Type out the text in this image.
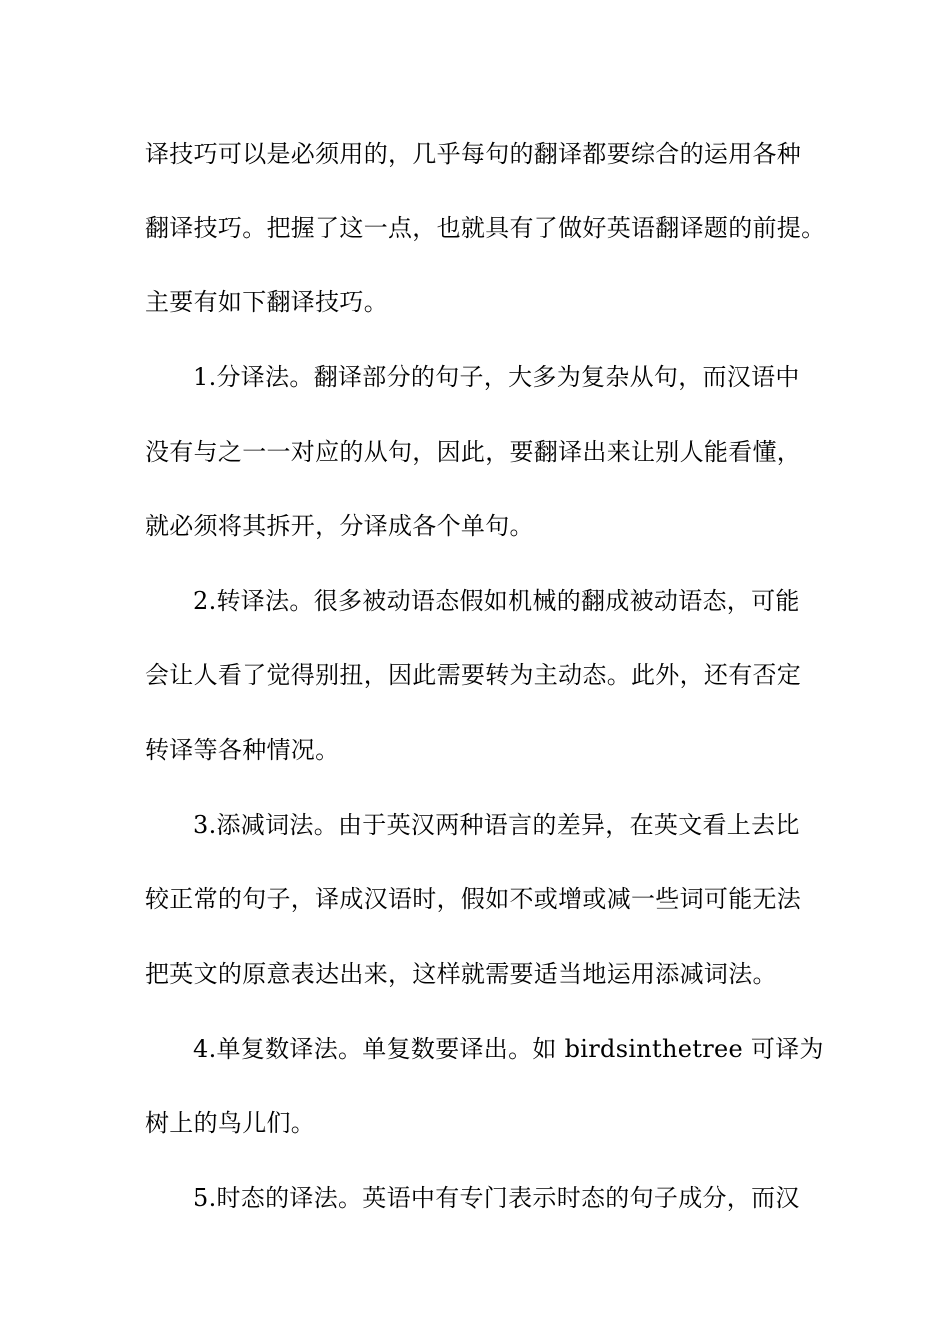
译技巧可以是必须用的，几乎每句的翻译都要综合的运用各种
翻译技巧。把握了这一点，也就具有了做好英语翻译题的前提。
主要有如下翻译技巧。
1.分译法。翻译部分的句子，大多为复杂从句，而汉语中
没有与之一一对应的从句，因此，要翻译出来让别人能看懂，
就必须将其拆开，分译成各个单句。
2.转译法。很多被动语态假如机械的翻成被动语态，可能
会让人看了觉得别扭，因此需要转为主动态。此外，还有否定
转译等各种情况。
3.添减词法。由于英汉两种语言的差异，在英文看上去比
较正常的句子，译成汉语时，假如不或增或减一些词可能无法
把英文的原意表达出来，这样就需要适当地运用添减词法。
4.单复数译法。单复数要译出。如 birdsinthetree 可译为
树上的鸟儿们。
5.时态的译法。英语中有专门表示时态的句子成分，而汉
